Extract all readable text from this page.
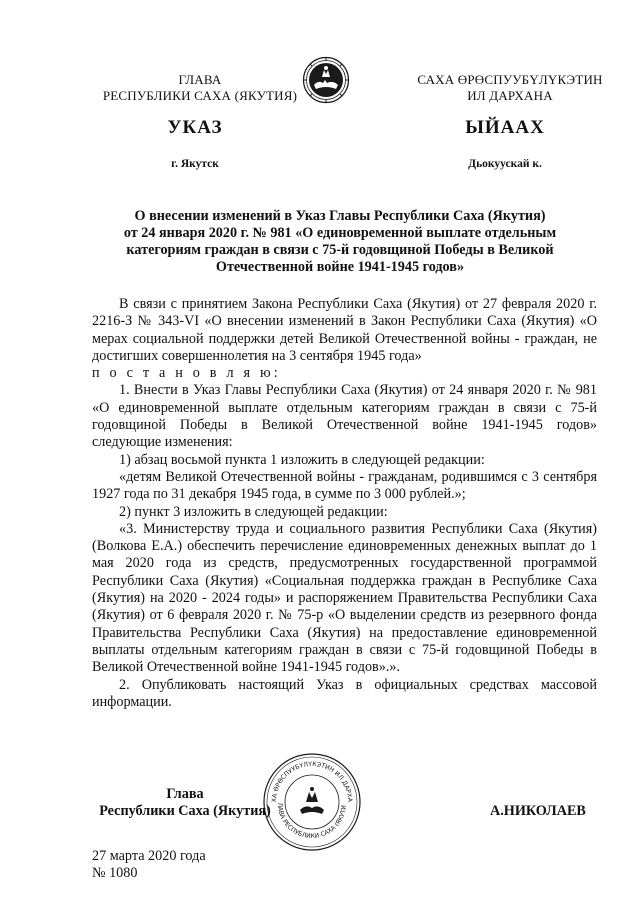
ГЛАВА
РЕСПУБЛИКИ САХА (ЯКУТИЯ)
САХА ӨРӨСПУУБҮЛҮКЭТИН
ИЛ ДАРХАНА
УКАЗ	ЫЙААХ
г. Якутск	Дьокуускай к.
О внесении изменений в Указ Главы Республики Саха (Якутия)
от 24 января 2020 г. № 981 «О единовременной выплате отдельным
категориям граждан в связи с 75-й годовщиной Победы в Великой
Отечественной войне 1941-1945 годов»

В связи с принятием Закона Республики Саха (Якутия) от 27 февраля 2020 г. 2216-З № 343-VI «О внесении изменений в Закон Республики Саха (Якутия) «О мерах социальной поддержки детей Великой Отечественной войны - граждан, не достигших совершеннолетия на 3 сентября 1945 года»

п о с т а н о в л я ю:

1. Внести в Указ Главы Республики Саха (Якутия) от 24 января 2020 г. № 981 «О единовременной выплате отдельным категориям граждан в связи с 75-й годовщиной Победы в Великой Отечественной войне 1941-1945 годов» следующие изменения:

1) абзац восьмой пункта 1 изложить в следующей редакции:

«детям Великой Отечественной войны - гражданам, родившимся с 3 сентября 1927 года по 31 декабря 1945 года, в сумме по 3 000 рублей.»;

2) пункт 3 изложить в следующей редакции:

«3. Министерству труда и социального развития Республики Саха (Якутия) (Волкова Е.А.) обеспечить перечисление единовременных денежных выплат до 1 мая 2020 года из средств, предусмотренных государственной программой Республики Саха (Якутия) «Социальная поддержка граждан в Республике Саха (Якутия) на 2020 - 2024 годы» и распоряжением Правительства Республики Саха (Якутия) от 6 февраля 2020 г. № 75-р «О выделении средств из резервного фонда Правительства Республики Саха (Якутия) на предоставление единовременной выплаты отдельным категориям граждан в связи с 75-й годовщиной Победы в Великой Отечественной войне 1941-1945 годов».».

2. Опубликовать настоящий Указ в официальных средствах массовой информации.

ХА ӨРӨСПУУБҮЛҮКЭТИН ИЛ ДАРХА
ЛАВА РЕСПУБЛИКИ САХА (ЯКУТИ
Глава
Республики Саха (Якутия)	А.НИКОЛАЕВ
27 марта 2020 года
№ 1080
